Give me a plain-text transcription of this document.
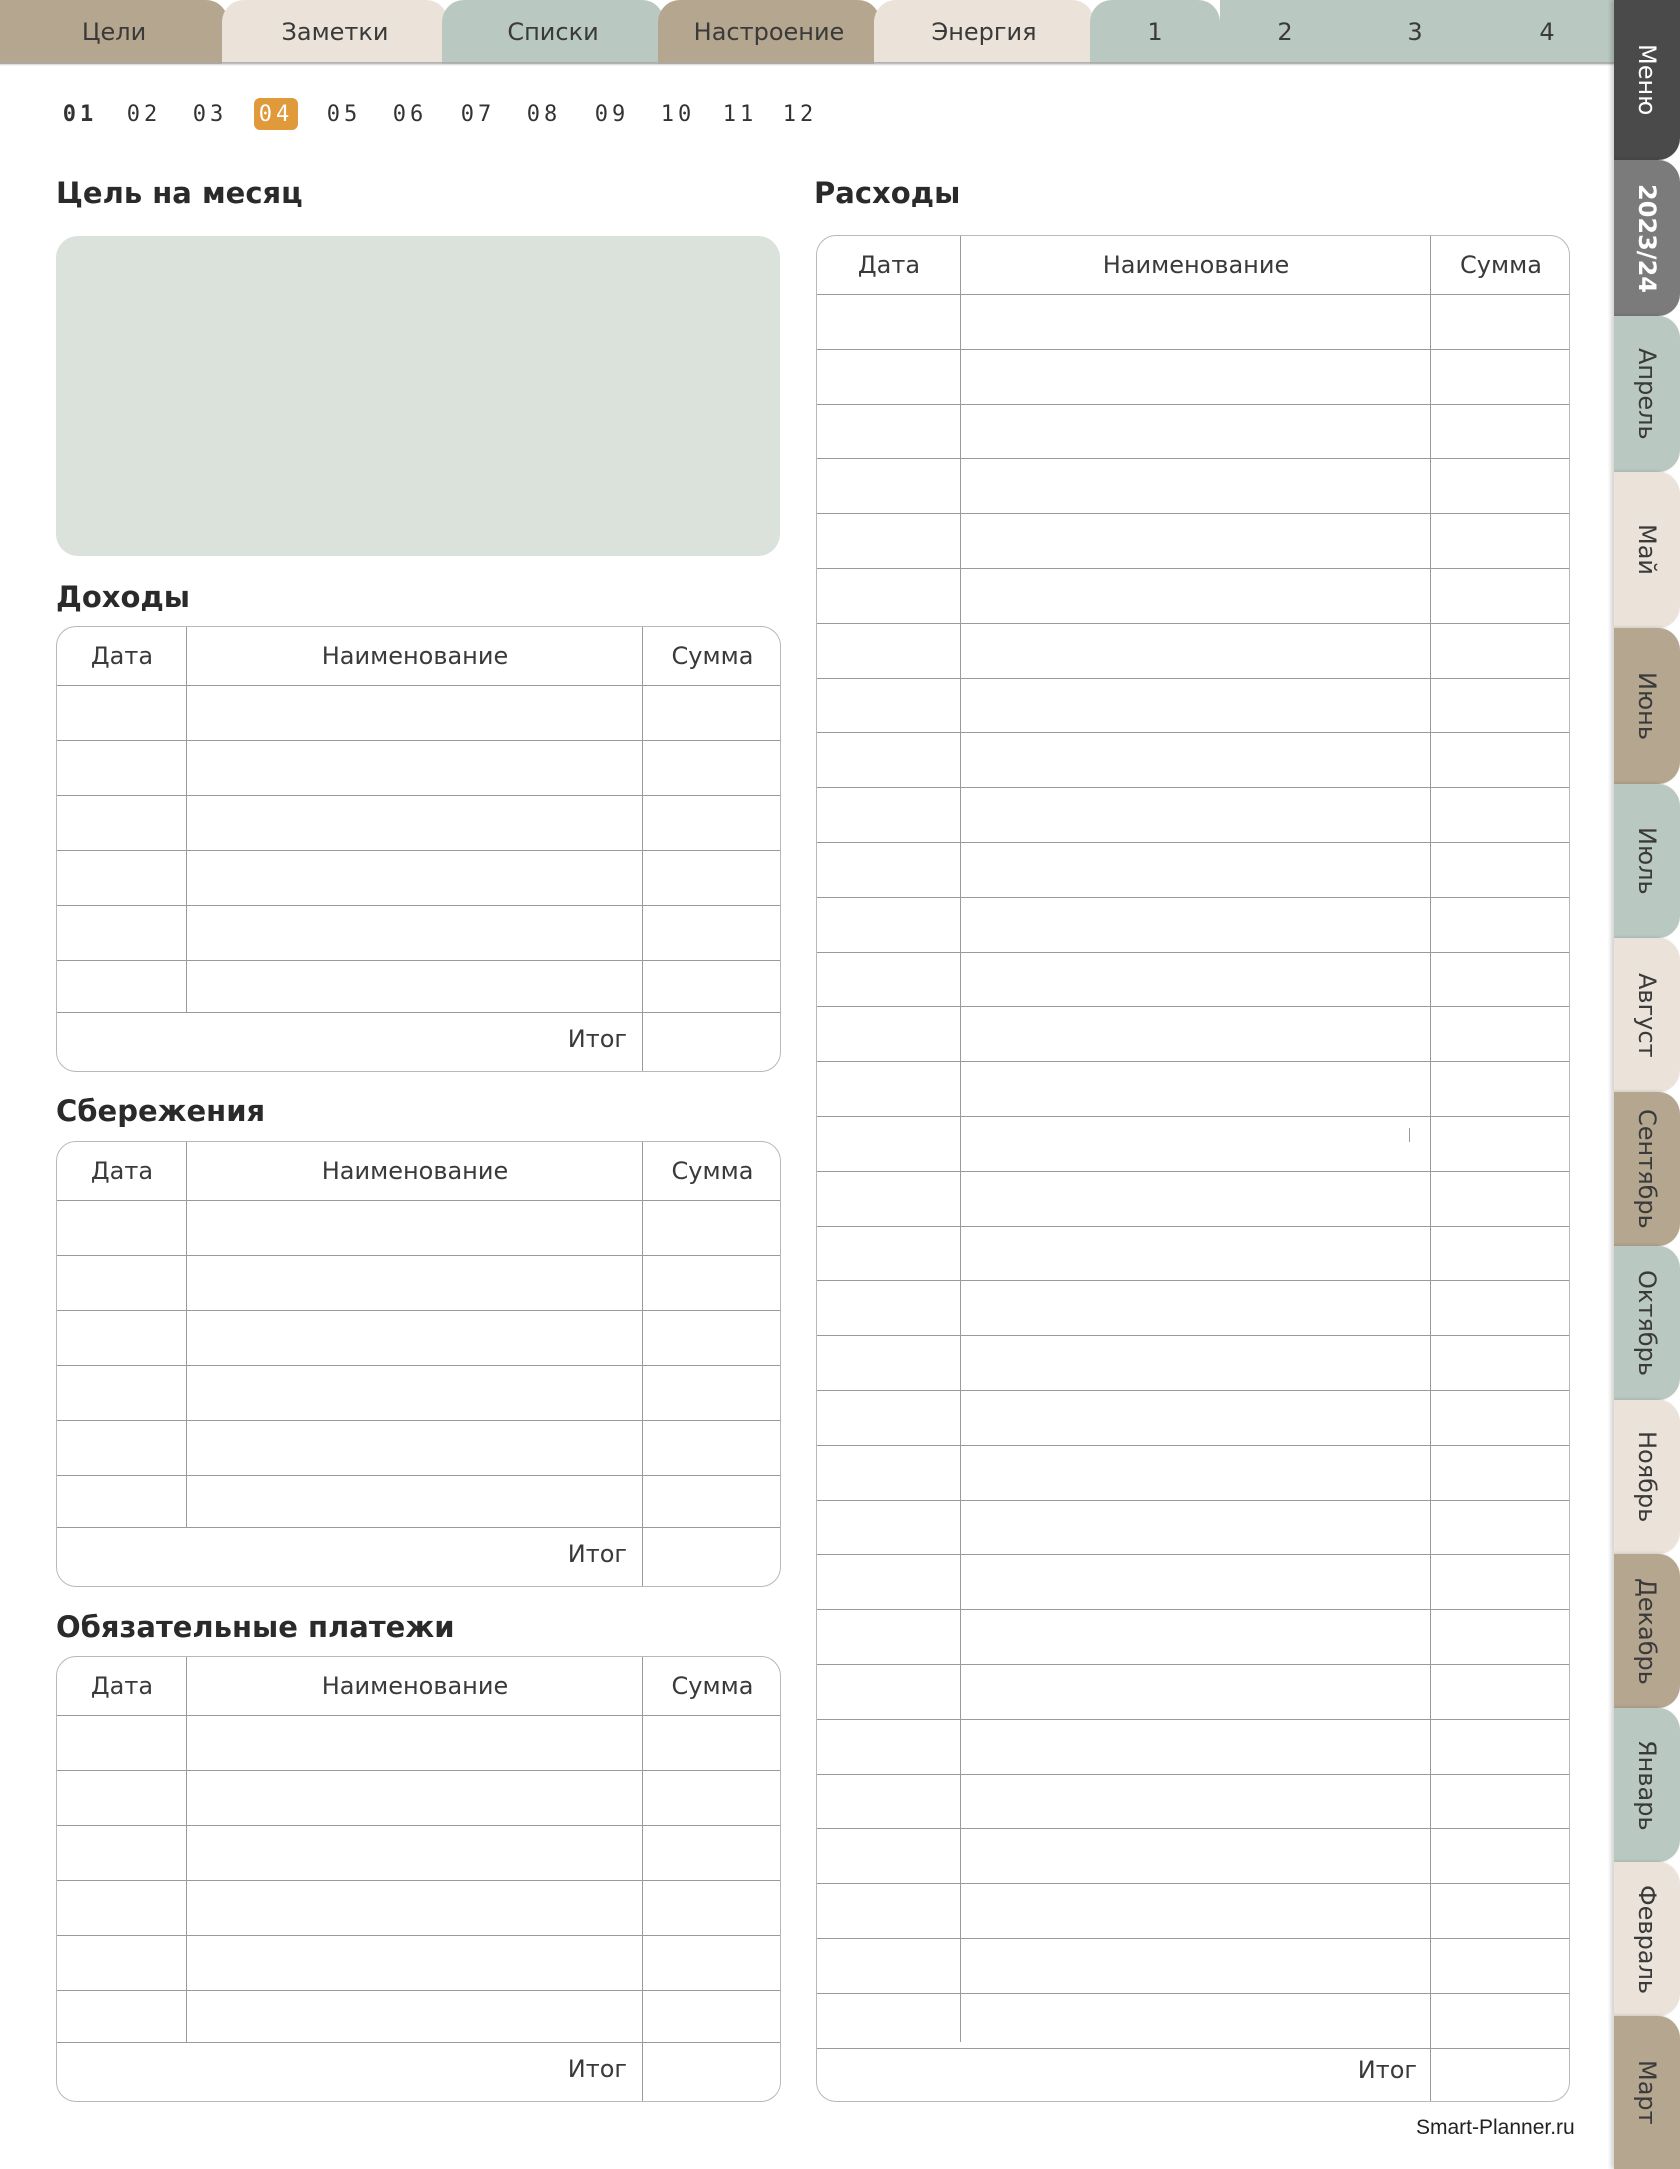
Цели	Заметки	Списки	Настроение	Энергия	1	2	3	4
Меню
2023/24
Апрель
Май
Июнь
Июль
Август
Сентябрь
Октябрь
Ноябрь
Декабрь
Январь
Февраль
Март
01 02 03 04 05 06 07 08 09 10 11 12
Цель на месяц
Доходы
Дата	Наименование	Сумма
Итог
Сбережения
Дата	Наименование	Сумма
Итог
Обязательные платежи
Дата	Наименование	Сумма
Итог
Расходы
Дата	Наименование	Сумма
Итог
Smart-Planner.ru
